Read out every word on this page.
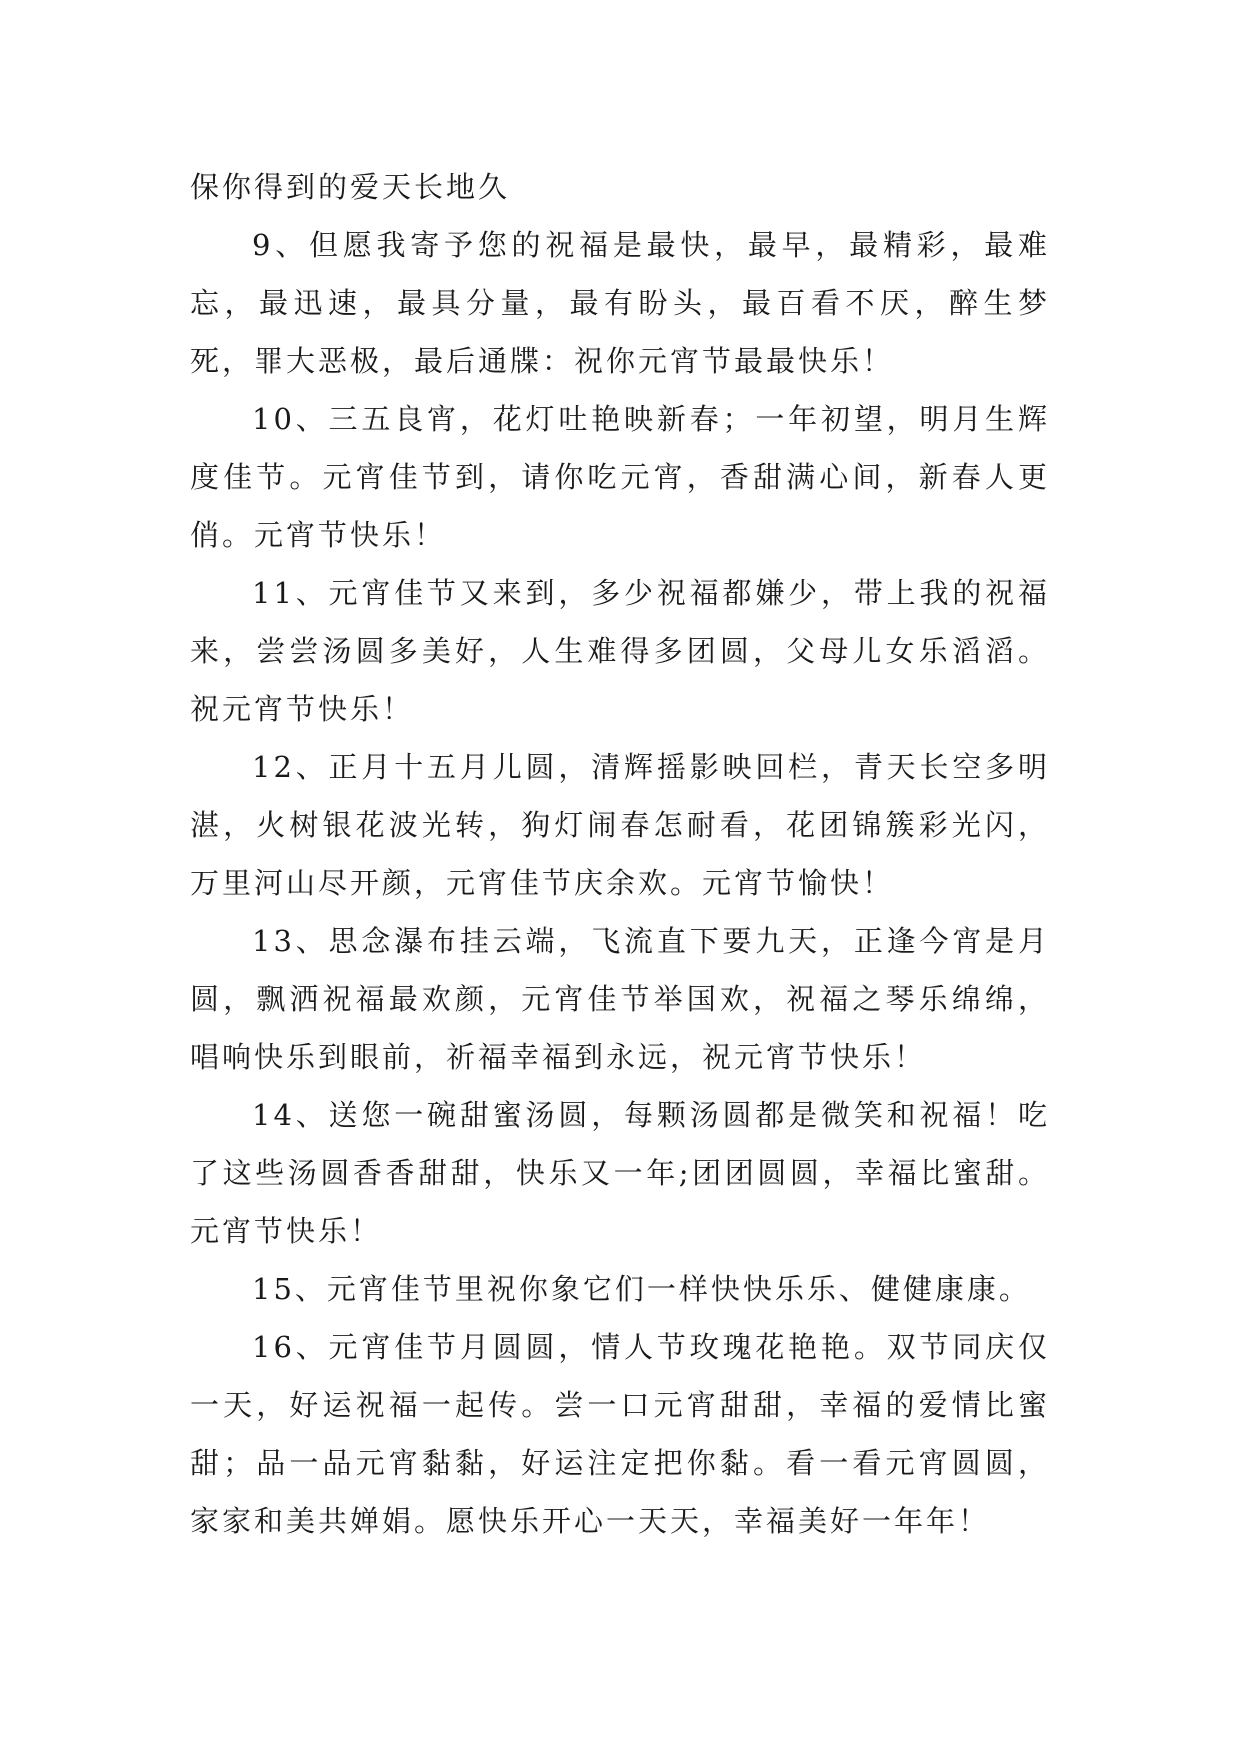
保你得到的爱天长地久

9、但愿我寄予您的祝福是最快，最早，最精彩，最难忘，最迅速，最具分量，最有盼头，最百看不厌，醉生梦死，罪大恶极，最后通牒：祝你元宵节最最快乐！

10、三五良宵，花灯吐艳映新春；一年初望，明月生辉度佳节。元宵佳节到，请你吃元宵，香甜满心间，新春人更俏。元宵节快乐！

11、元宵佳节又来到，多少祝福都嫌少，带上我的祝福来，尝尝汤圆多美好，人生难得多团圆，父母儿女乐滔滔。祝元宵节快乐！

12、正月十五月儿圆，清辉摇影映回栏，青天长空多明湛，火树银花波光转，狗灯闹春怎耐看，花团锦簇彩光闪，万里河山尽开颜，元宵佳节庆余欢。元宵节愉快！

13、思念瀑布挂云端，飞流直下要九天，正逢今宵是月圆，飘洒祝福最欢颜，元宵佳节举国欢，祝福之琴乐绵绵，唱响快乐到眼前，祈福幸福到永远，祝元宵节快乐！

14、送您一碗甜蜜汤圆，每颗汤圆都是微笑和祝福！吃了这些汤圆香香甜甜，快乐又一年;团团圆圆，幸福比蜜甜。元宵节快乐！

15、元宵佳节里祝你象它们一样快快乐乐、健健康康。

16、元宵佳节月圆圆，情人节玫瑰花艳艳。双节同庆仅一天，好运祝福一起传。尝一口元宵甜甜，幸福的爱情比蜜甜；品一品元宵黏黏，好运注定把你黏。看一看元宵圆圆，家家和美共婵娟。愿快乐开心一天天，幸福美好一年年！
